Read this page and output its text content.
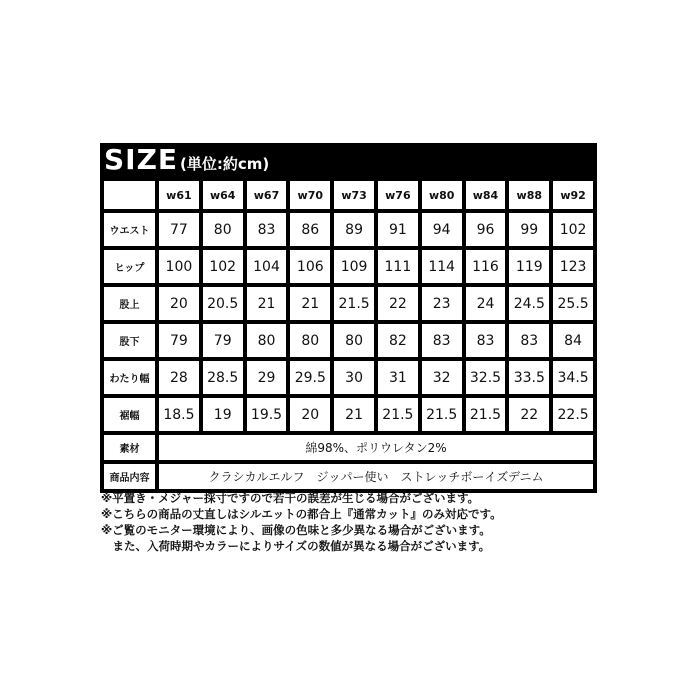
SIZE (単位:約cm)
	w61	w64	w67	w70	w73	w76	w80	w84	w88	w92
ウエスト	77	80	83	86	89	91	94	96	99	102
ヒップ	100	102	104	106	109	111	114	116	119	123
股上	20	20.5	21	21	21.5	22	23	24	24.5	25.5
股下	79	79	80	80	80	82	83	83	83	84
わたり幅	28	28.5	29	29.5	30	31	32	32.5	33.5	34.5
裾幅	18.5	19	19.5	20	21	21.5	21.5	21.5	22	22.5
素材	綿98%、ポリウレタン2%									
商品内容	クラシカルエルフ　ジッパー使い　ストレッチボーイズデニム									
※平置き・メジャー採寸ですので若干の誤差が生じる場合がございます。
※こちらの商品の丈直しはシルエットの都合上『通常カット』のみ対応です。
※ご覧のモニター環境により、画像の色味と多少異なる場合がございます。
　また、入荷時期やカラーによりサイズの数値が異なる場合がございます。
